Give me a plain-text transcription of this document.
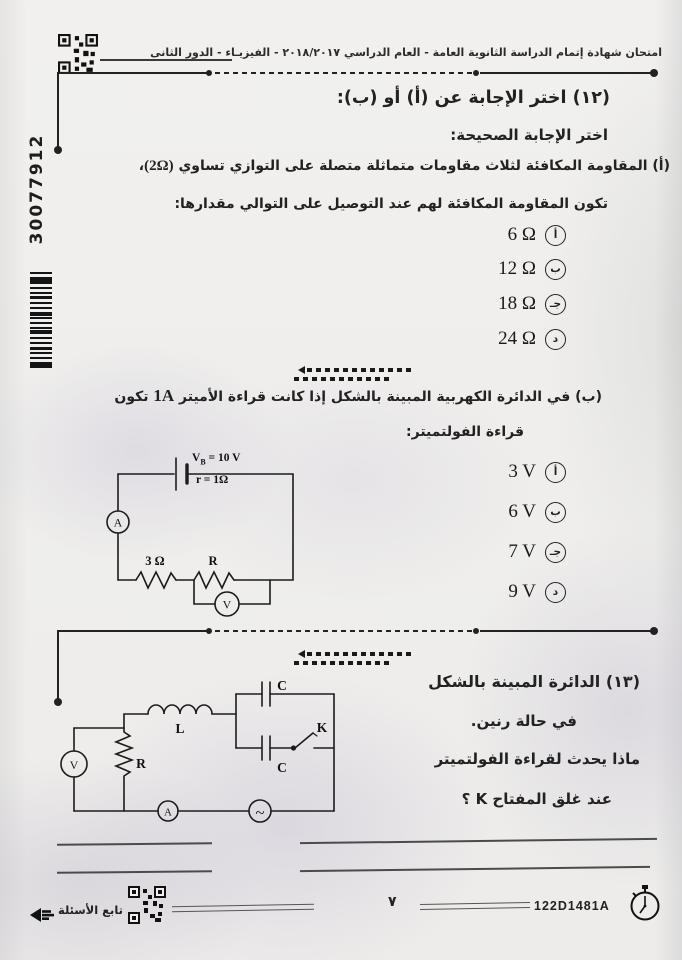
امتحان شهادة إتمام الدراسة الثانوية العامة - العام الدراسي ٢٠١٨/٢٠١٧ - الفيزيـاء - الدور الثانى
30077912
(١٢) اختر الإجابة عن (أ) أو (ب):
اختر الإجابة الصحيحة:
(أ) المقاومة المكافئة لثلاث مقاومات متماثلة متصلة على التوازي تساوي (2Ω)،
تكون المقاومة المكافئة لهم عند التوصيل على التوالي مقدارها:
6 Ω	أ
12 Ω	ب
18 Ω	جـ
24 Ω	د
(ب) في الدائرة الكهربية المبينة بالشكل إذا كانت قراءة الأميتر 1A تكون
قراءة الفولتميتر:
A
V
3 Ω	R
$V_B = 10$ V
r = 1Ω	3 V	أ
6 V	ب
7 V	جـ
9 V	د
(١٣) الدائرة المبينة بالشكل
في حالة رنين.
ماذا يحدث لقراءة الفولتميتر
عند غلق المفتاح K ؟
V
A	~
L
C
C
K
R
تابع الأسئلة	٧	122D1481A
